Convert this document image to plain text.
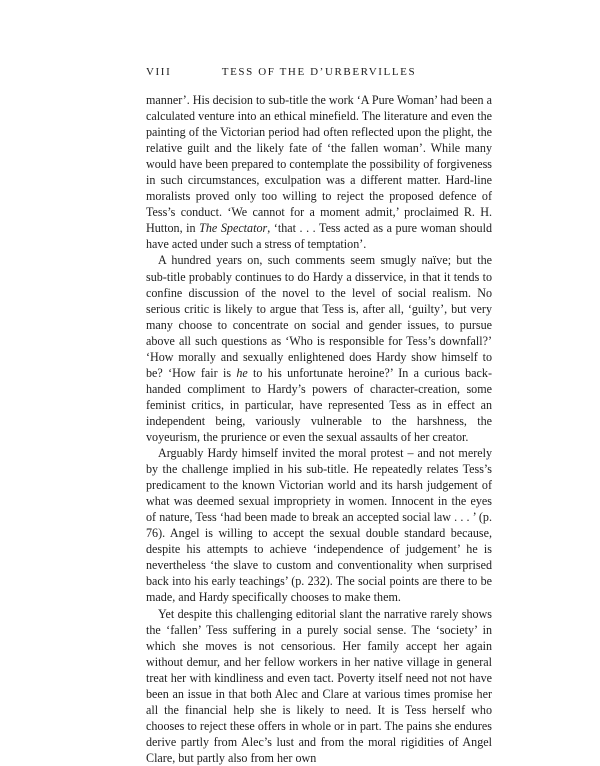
VIII	TESS OF THE D’URBERVILLES

manner’. His decision to sub-title the work ‘A Pure Woman’ had been a calculated venture into an ethical minefield. The literature and even the painting of the Victorian period had often reflected upon the plight, the relative guilt and the likely fate of ‘the fallen woman’. While many would have been prepared to contemplate the possibility of forgiveness in such circumstances, exculpation was a different matter. Hard-line moralists proved only too willing to reject the proposed defence of Tess’s conduct. ‘We cannot for a moment admit,’ proclaimed R. H. Hutton, in The Spectator, ‘that . . . Tess acted as a pure woman should have acted under such a stress of temptation’.

A hundred years on, such comments seem smugly naïve; but the sub-title probably continues to do Hardy a disservice, in that it tends to confine discussion of the novel to the level of social realism. No serious critic is likely to argue that Tess is, after all, ‘guilty’, but very many choose to concentrate on social and gender issues, to pursue above all such questions as ‘Who is responsible for Tess’s downfall?’ ‘How morally and sexually enlightened does Hardy show himself to be? ‘How fair is he to his unfortunate heroine?’ In a curious back-handed compliment to Hardy’s powers of character-creation, some feminist critics, in particular, have represented Tess as in effect an independent being, variously vulnerable to the harshness, the voyeurism, the prurience or even the sexual assaults of her creator.

Arguably Hardy himself invited the moral protest – and not merely by the challenge implied in his sub-title. He repeatedly relates Tess’s predicament to the known Victorian world and its harsh judgement of what was deemed sexual impropriety in women. Innocent in the eyes of nature, Tess ‘had been made to break an accepted social law . . . ’ (p. 76). Angel is willing to accept the sexual double standard because, despite his attempts to achieve ‘independence of judgement’ he is nevertheless ‘the slave to custom and conventionality when surprised back into his early teachings’ (p. 232). The social points are there to be made, and Hardy specifically chooses to make them.

Yet despite this challenging editorial slant the narrative rarely shows the ‘fallen’ Tess suffering in a purely social sense. The ‘society’ in which she moves is not censorious. Her family accept her again without demur, and her fellow workers in her native village in general treat her with kindliness and even tact. Poverty itself need not not have been an issue in that both Alec and Clare at various times promise her all the financial help she is likely to need. It is Tess herself who chooses to reject these offers in whole or in part. The pains she endures derive partly from Alec’s lust and from the moral rigidities of Angel Clare, but partly also from her own
